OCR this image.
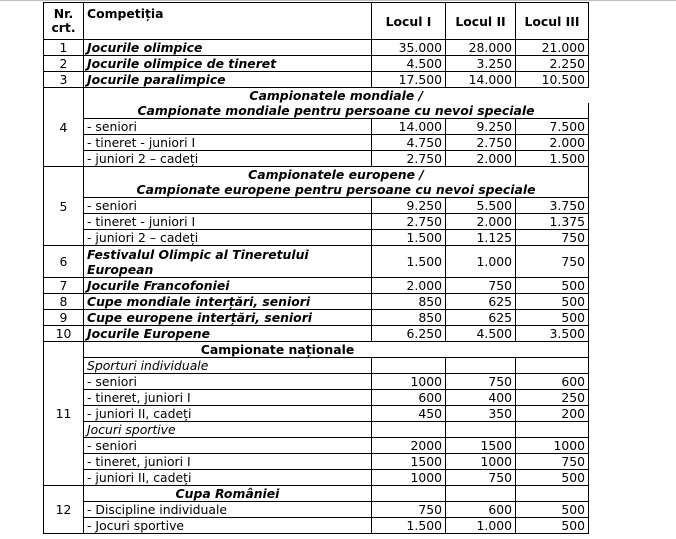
Nr. crt.	Competiția	Locul I	Locul II	Locul III
1	Jocurile olimpice	35.000	28.000	21.000
2	Jocurile olimpice de tineret	4.500	3.250	2.250
3	Jocurile paralimpice	17.500	14.000	10.500
4	Campionatele mondiale /			
	Campionate mondiale pentru persoane cu nevoi speciale			
	- seniori	14.000	9.250	7.500
	- tineret - juniori I	4.750	2.750	2.000
	- juniori 2 – cadeți	2.750	2.000	1.500
5	Campionatele europene /			
	Campionate europene pentru persoane cu nevoi speciale			
	- seniori	9.250	5.500	3.750
	- tineret - juniori I	2.750	2.000	1.375
	- juniori 2 – cadeți	1.500	1.125	750
6	Festivalul Olimpic al Tineretului European	1.500	1.000	750
7	Jocurile Francofoniei	2.000	750	500
8	Cupe mondiale interțări, seniori	850	625	500
9	Cupe europene interțări, seniori	850	625	500
10	Jocurile Europene	6.250	4.500	3.500
11	Campionate naționale			
	Sporturi individuale			
	- seniori	1000	750	600
	- tineret, juniori I	600	400	250
	- juniori II, cadeți	450	350	200
	Jocuri sportive			
	- seniori	2000	1500	1000
	- tineret, juniori I	1500	1000	750
	- juniori II, cadeți	1000	750	500
12	Cupa României			
	- Discipline individuale	750	600	500
	- Jocuri sportive	1.500	1.000	500
